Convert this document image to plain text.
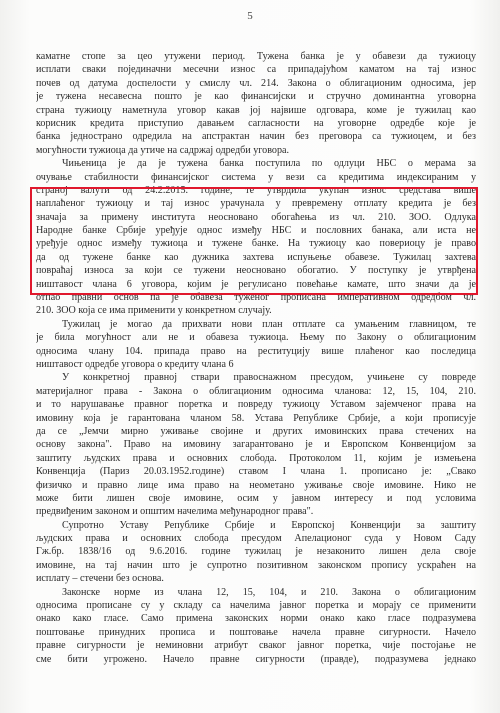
5
каматне стопе за цео утужени период. Тужена банка је у обавези да тужиоцу
исплати сваки појединачни месечни износ са припадајућом каматом на тај износ
почев од датума доспелости у смислу чл. 214. Закона о облигационим односима, јер
је тужена несавесна пошто је као финансијски и стручно доминантна уговорна
страна тужиоцу наметнула уговор какав јој највише одговара, коме је тужилац као
корисник кредита приступио давањем сагласности на уговорне одредбе које је
банка једнострано одредила на апстрактан начин без преговора са тужиоцем, и без
могућности тужиоца да утиче на садржај одредби уговора.
Чињеница је да је тужена банка поступила по одлуци НБС о мерама за
очување стабилности финансијског система у вези са кредитима индексираним у
страној валути од 24.2.2015. године, те утврдила укупан износ средстава више
наплаћеног тужиоцу и тај износ урачунала у превремену отплату кредита је без
значаја за примену института неосновано обогаћења из чл. 210. ЗОО. Одлука
Народне банке Србије уређује однос између НБС и пословних банака, али иста не
уређује однос између тужиоца и тужене банке. На тужиоцу као повериоцу је право
да од тужене банке као дужника захтева испуњење обавезе. Тужилац захтева
повраћај износа за који се тужени неосновано обогатио. У поступку је утврђена
ништавост члана 6 уговора, којим је регулисано повећање камате, што значи да је
отпао правни основ па је обавеза туженог прописана императивном одредбом чл.
210. ЗОО која се има применити у конкретном случају.
Тужилац је могао да прихвати нови план отплате са умањеним главницом, те
је била могућност али не и обавеза тужиоца. Њему по Закону о облигационим
односима члану 104. припада право на реституцију више плаћеног као последица
ништавост одредбе уговора о кредиту члана 6
У конкретној правној ствари правоснажном пресудом, учињене су повреде
материјалног права - Закона о облигационим односима чланова: 12, 15, 104, 210.
и то нарушавање правног поретка и повреду тужиоцу Уставом зајемченог права на
имовину која је гарантована чланом 58. Устава Републике Србије, а који прописује
да се „Јемчи мирно уживање својине и других имовинских права стечених на
основу закона". Право на имовину загарантовано је и Европском Конвенцијом за
заштиту људских права и основних слобода. Протоколом 11, којим је измењена
Конвенција (Париз 20.03.1952.године) ставом I члана 1. прописано је: „Свако
физичко и правно лице има право на неометано уживање своје имовине. Нико не
може бити лишен своје имовине, осим у јавном интересу и под условима
предвиђеним законом и општим начелима међународног права".
Супротно Уставу Републике Србије и Европској Конвенцији за заштиту
људских права и основних слобода пресудом Апелационог суда у Новом Саду
Гж.бр. 1838/16 од 9.6.2016. године тужилац је незаконито лишен дела своје
имовине, на тај начин што је супротно позитивном законском пропису ускраћен на
исплату – стечени без основа.
Законске норме из члана 12, 15, 104, и 210. Закона о облигационим
односима прописане су у складу са начелима јавног поретка и морају се применити
онако како гласе. Само примена законских норми онако како гласе подразумева
поштовање принудних прописа и поштовање начела правне сигурности. Начело
правне сигурности је неминовни атрибут сваког јавног поретка, чије постојање не
сме бити угрожено. Начело правне сигурности (правде), подразумева једнако
